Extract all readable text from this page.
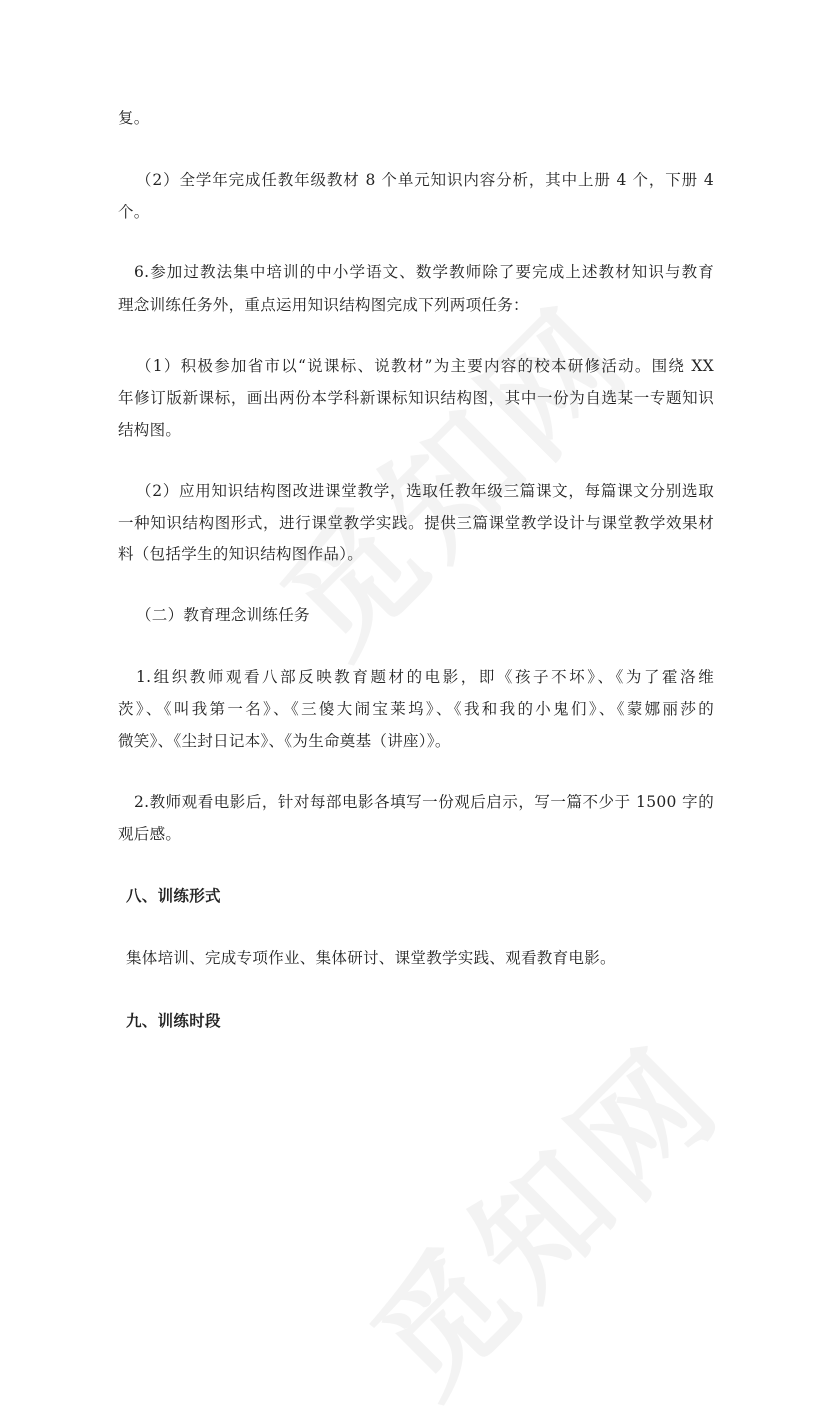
复。
（2）全学年完成任教年级教材 8 个单元知识内容分析，其中上册 4 个，下册 4
个。
6.参加过教法集中培训的中小学语文、数学教师除了要完成上述教材知识与教育
理念训练任务外，重点运用知识结构图完成下列两项任务：
（1）积极参加省市以“说课标、说教材”为主要内容的校本研修活动。围绕 XX
年修订版新课标，画出两份本学科新课标知识结构图，其中一份为自选某一专题知识
结构图。
（2）应用知识结构图改进课堂教学，选取任教年级三篇课文，每篇课文分别选取
一种知识结构图形式，进行课堂教学实践。提供三篇课堂教学设计与课堂教学效果材
料（包括学生的知识结构图作品）。
（二）教育理念训练任务
1.组织教师观看八部反映教育题材的电影，即《孩子不坏》、《为了霍洛维
茨》、《叫我第一名》、《三傻大闹宝莱坞》、《我和我的小鬼们》、《蒙娜丽莎的
微笑》、《尘封日记本》、《为生命奠基（讲座）》。
2.教师观看电影后，针对每部电影各填写一份观后启示，写一篇不少于 1500 字的
观后感。
八、训练形式
集体培训、完成专项作业、集体研讨、课堂教学实践、观看教育电影。
九、训练时段
